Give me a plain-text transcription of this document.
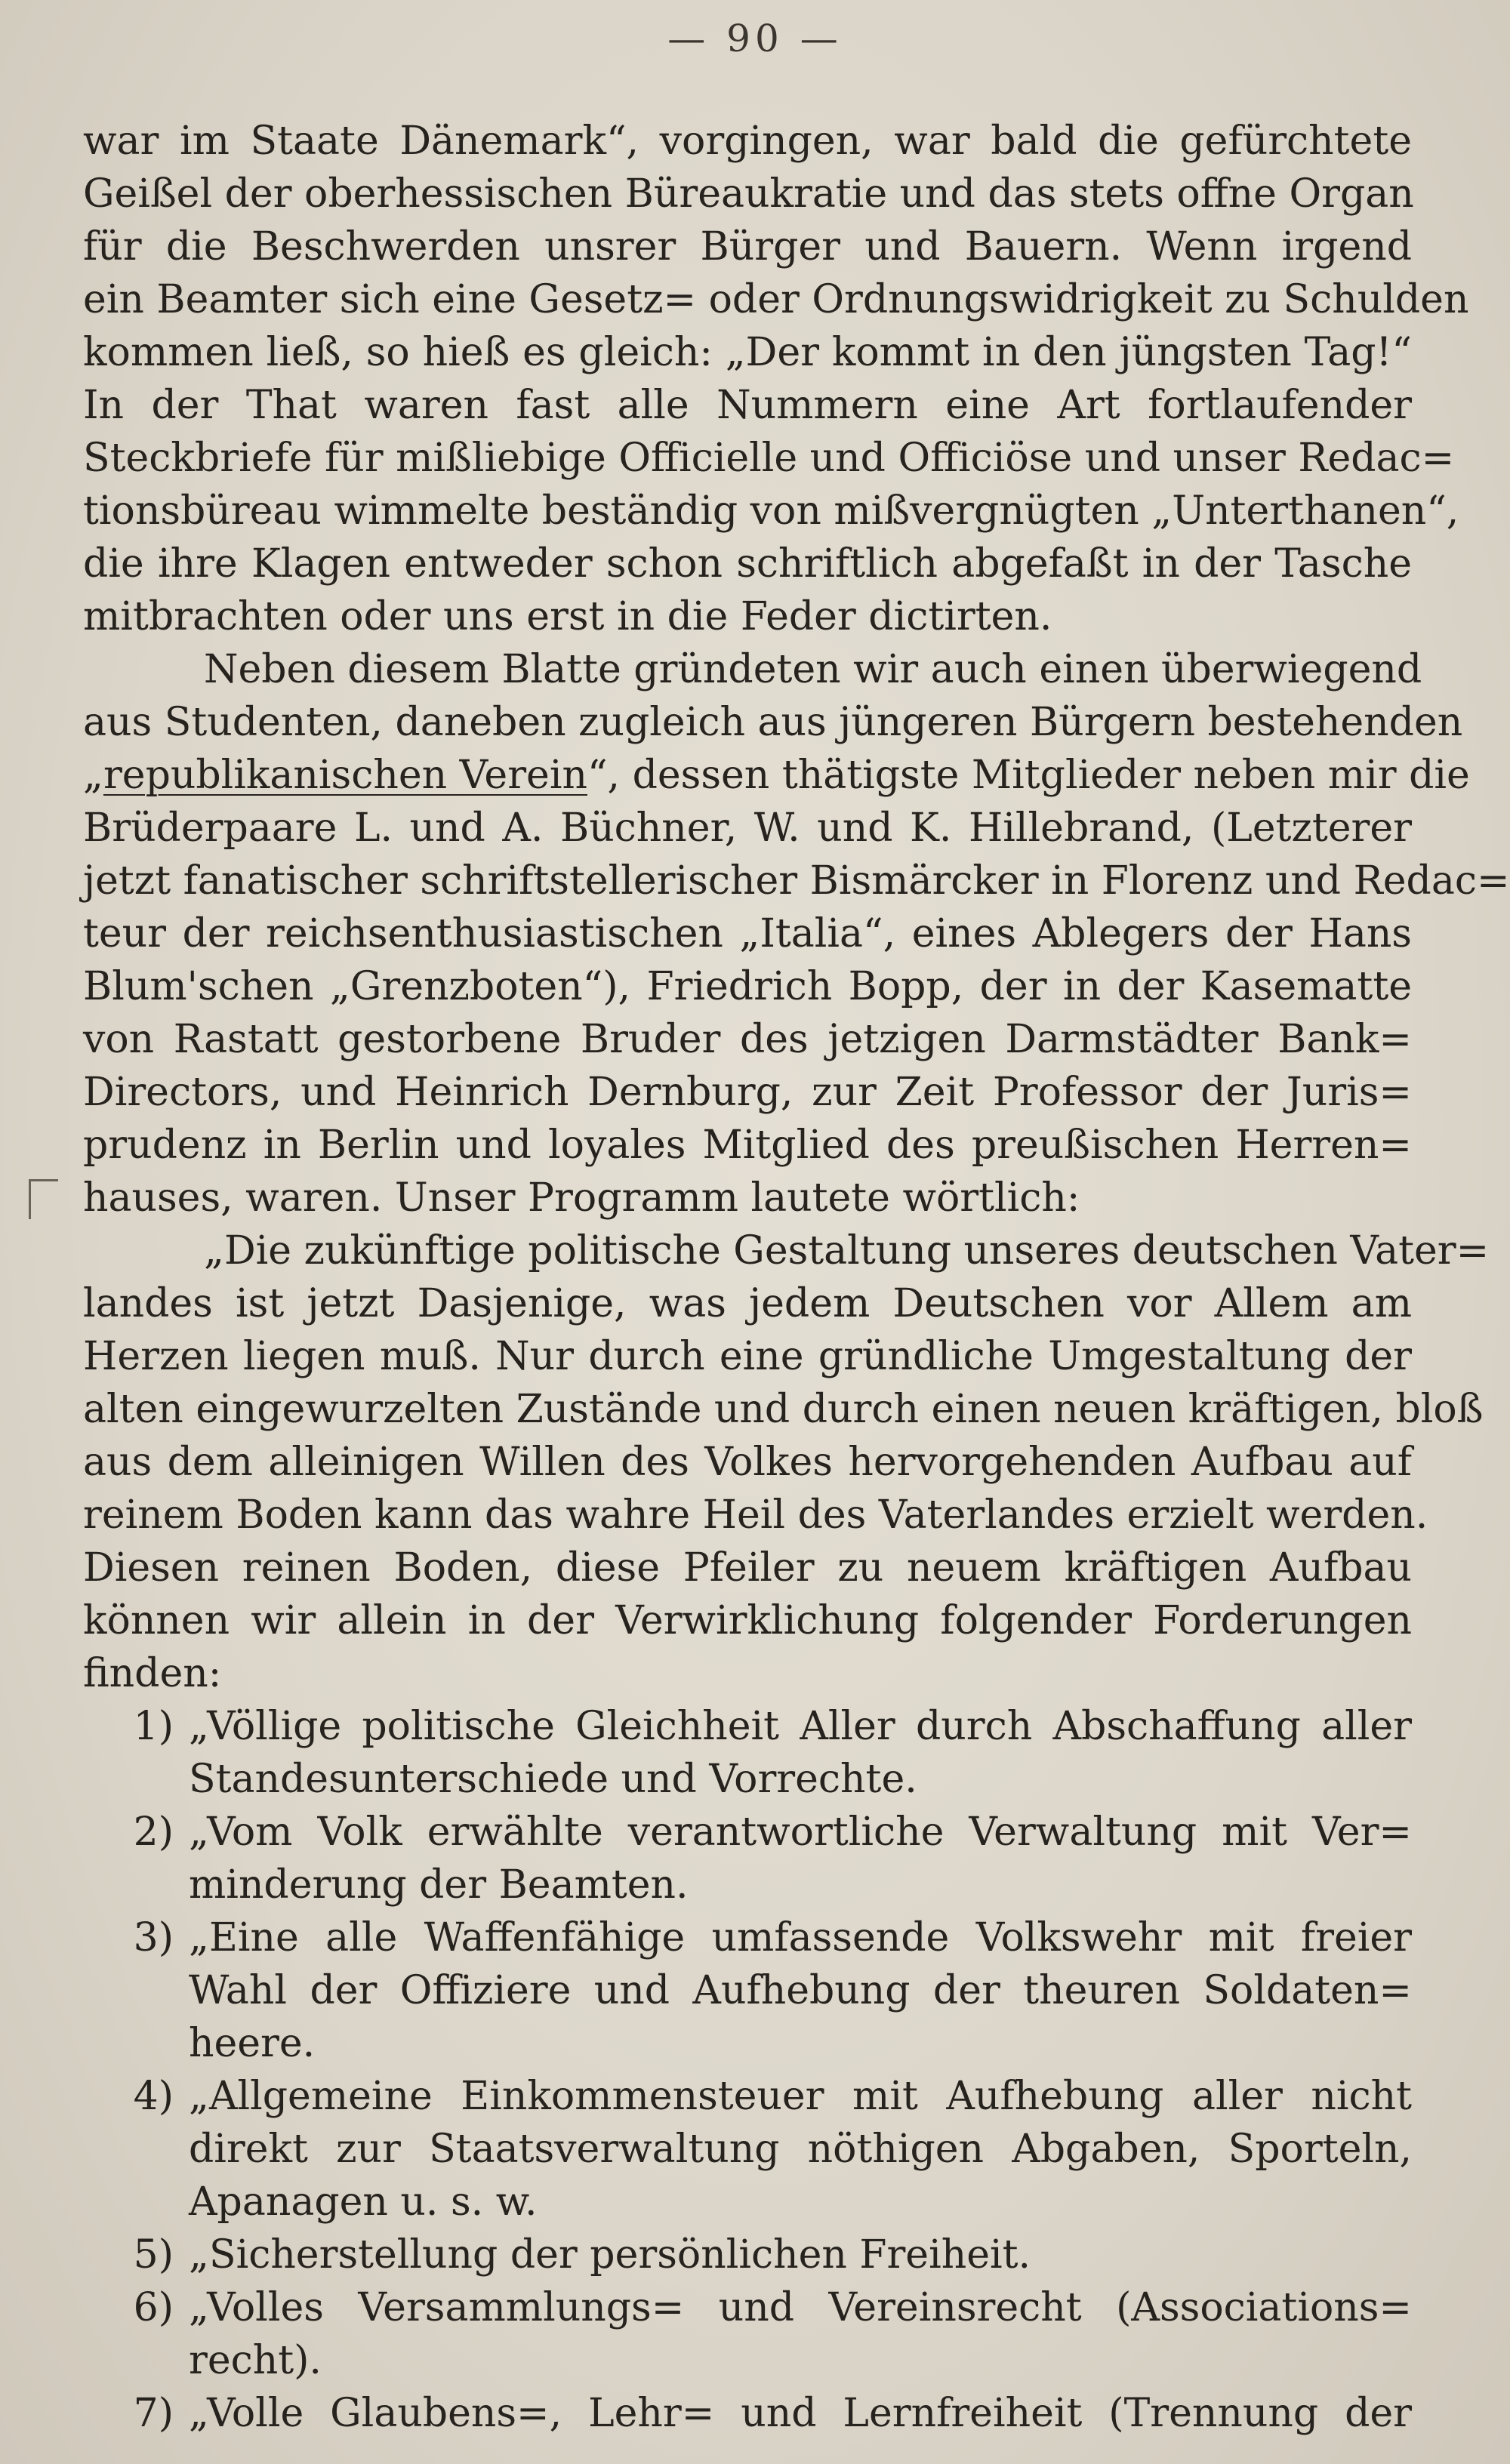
— 90 —
war im Staate Dänemark“, vorgingen, war bald die gefürchtete
Geißel der oberhessischen Büreaukratie und das stets offne Organ
für die Beschwerden unsrer Bürger und Bauern. Wenn irgend
ein Beamter sich eine Gesetz= oder Ordnungswidrigkeit zu Schulden
kommen ließ, so hieß es gleich: „Der kommt in den jüngsten Tag!“
In der That waren fast alle Nummern eine Art fortlaufender
Steckbriefe für mißliebige Officielle und Officiöse und unser Redac=
tionsbüreau wimmelte beständig von mißvergnügten „Unterthanen“,
die ihre Klagen entweder schon schriftlich abgefaßt in der Tasche
mitbrachten oder uns erst in die Feder dictirten.
Neben diesem Blatte gründeten wir auch einen überwiegend
aus Studenten, daneben zugleich aus jüngeren Bürgern bestehenden
„republikanischen Verein“, dessen thätigste Mitglieder neben mir die
Brüderpaare L. und A. Büchner, W. und K. Hillebrand, (Letzterer
jetzt fanatischer schriftstellerischer Bismärcker in Florenz und Redac=
teur der reichsenthusiastischen „Italia“, eines Ablegers der Hans
Blum'schen „Grenzboten“), Friedrich Bopp, der in der Kasematte
von Rastatt gestorbene Bruder des jetzigen Darmstädter Bank=
Directors, und Heinrich Dernburg, zur Zeit Professor der Juris=
prudenz in Berlin und loyales Mitglied des preußischen Herren=
hauses, waren. Unser Programm lautete wörtlich:
„Die zukünftige politische Gestaltung unseres deutschen Vater=
landes ist jetzt Dasjenige, was jedem Deutschen vor Allem am
Herzen liegen muß. Nur durch eine gründliche Umgestaltung der
alten eingewurzelten Zustände und durch einen neuen kräftigen, bloß
aus dem alleinigen Willen des Volkes hervorgehenden Aufbau auf
reinem Boden kann das wahre Heil des Vaterlandes erzielt werden.
Diesen reinen Boden, diese Pfeiler zu neuem kräftigen Aufbau
können wir allein in der Verwirklichung folgender Forderungen
finden:
1) „Völlige politische Gleichheit Aller durch Abschaffung aller
Standesunterschiede und Vorrechte.
2) „Vom Volk erwählte verantwortliche Verwaltung mit Ver=
minderung der Beamten.
3) „Eine alle Waffenfähige umfassende Volkswehr mit freier
Wahl der Offiziere und Aufhebung der theuren Soldaten=
heere.
4) „Allgemeine Einkommensteuer mit Aufhebung aller nicht
direkt zur Staatsverwaltung nöthigen Abgaben, Sporteln,
Apanagen u. s. w.
5) „Sicherstellung der persönlichen Freiheit.
6) „Volles Versammlungs= und Vereinsrecht (Associations=
recht).
7) „Volle Glaubens=, Lehr= und Lernfreiheit (Trennung der
